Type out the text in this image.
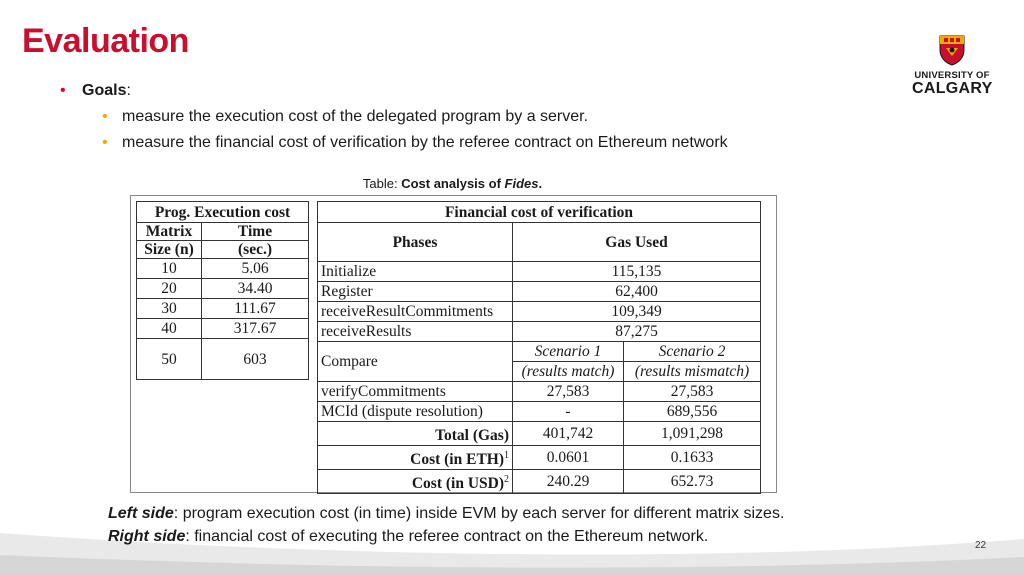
Evaluation
UNIVERSITY OF
CALGARY
• Goals:
• measure the execution cost of the delegated program by a server.
• measure the financial cost of verification by the referee contract on Ethereum network
Table: Cost analysis of Fides.
Prog. Execution cost	
Matrix	Time
Size (n)	(sec.)
10	5.06
20	34.40
30	111.67
40	317.67
50	603
Financial cost of verification		
Phases	Gas Used	
Initialize	115,135	
Register	62,400	
receiveResultCommitments	109,349	
receiveResults	87,275	
Compare	Scenario 1	Scenario 2
	(results match)	(results mismatch)
verifyCommitments	27,583	27,583
MCId (dispute resolution)	-	689,556
Total (Gas)	401,742	1,091,298
Cost (in ETH)$^1$	0.0601	0.1633
Cost (in USD)$^2$	240.29	652.73
Left side: program execution cost (in time) inside EVM by each server for different matrix sizes.
Right side: financial cost of executing the referee contract on the Ethereum network.
22
